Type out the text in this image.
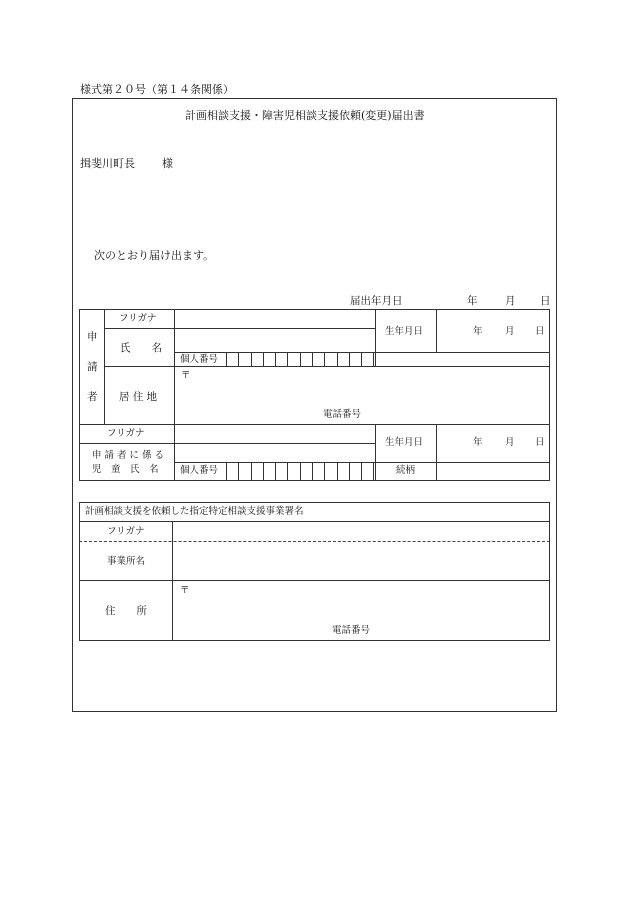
様式第２０号（第１４条関係）
計画相談支援・障害児相談支援依頼(変更)届出書
揖斐川町長 様
次のとおり届け出ます。
届出年月日	年	月 日
申
請
者
フリガナ
氏　　名
生年月日	年 月 日
個人番号
居 住 地
〒
電話番号
フリガナ
申 請 者 に 係 る
児　童　氏　名
生年月日	年 月 日
個人番号	続柄
計画相談支援を依頼した指定特定相談支援事業署名
フリガナ
事業所名
住　　所
〒
電話番号
